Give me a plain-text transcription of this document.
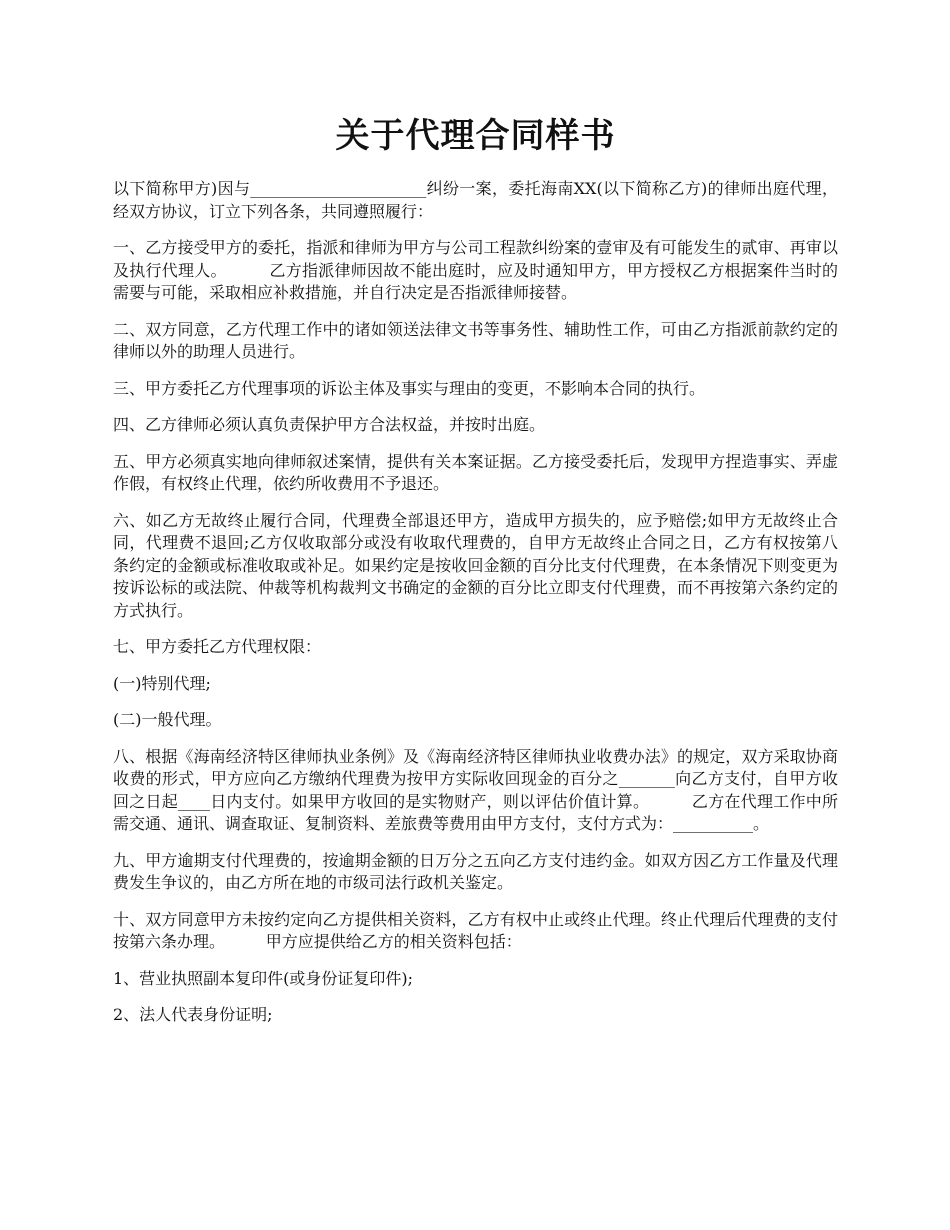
关于代理合同样书

以下简称甲方)因与______________________纠纷一案，委托海南XX(以下简称乙方)的律师出庭代理，经双方协议，订立下列各条，共同遵照履行：

一、乙方接受甲方的委托，指派和律师为甲方与公司工程款纠纷案的壹审及有可能发生的贰审、再审以及执行代理人。        乙方指派律师因故不能出庭时，应及时通知甲方，甲方授权乙方根据案件当时的需要与可能，采取相应补救措施，并自行决定是否指派律师接替。

二、双方同意，乙方代理工作中的诸如领送法律文书等事务性、辅助性工作，可由乙方指派前款约定的律师以外的助理人员进行。

三、甲方委托乙方代理事项的诉讼主体及事实与理由的变更，不影响本合同的执行。

四、乙方律师必须认真负责保护甲方合法权益，并按时出庭。

五、甲方必须真实地向律师叙述案情，提供有关本案证据。乙方接受委托后，发现甲方捏造事实、弄虚作假，有权终止代理，依约所收费用不予退还。

六、如乙方无故终止履行合同，代理费全部退还甲方，造成甲方损失的，应予赔偿;如甲方无故终止合同，代理费不退回;乙方仅收取部分或没有收取代理费的，自甲方无故终止合同之日，乙方有权按第八条约定的金额或标准收取或补足。如果约定是按收回金额的百分比支付代理费，在本条情况下则变更为按诉讼标的或法院、仲裁等机构裁判文书确定的金额的百分比立即支付代理费，而不再按第六条约定的方式执行。

七、甲方委托乙方代理权限：

(一)特别代理;

(二)一般代理。

八、根据《海南经济特区律师执业条例》及《海南经济特区律师执业收费办法》的规定，双方采取协商收费的形式，甲方应向乙方缴纳代理费为按甲方实际收回现金的百分之_______向乙方支付，自甲方收回之日起____日内支付。如果甲方收回的是实物财产，则以评估价值计算。        乙方在代理工作中所需交通、通讯、调查取证、复制资料、差旅费等费用由甲方支付，支付方式为：__________。

九、甲方逾期支付代理费的，按逾期金额的日万分之五向乙方支付违约金。如双方因乙方工作量及代理费发生争议的，由乙方所在地的市级司法行政机关鉴定。

十、双方同意甲方未按约定向乙方提供相关资料，乙方有权中止或终止代理。终止代理后代理费的支付按第六条办理。        甲方应提供给乙方的相关资料包括：

1、营业执照副本复印件(或身份证复印件);

2、法人代表身份证明;
